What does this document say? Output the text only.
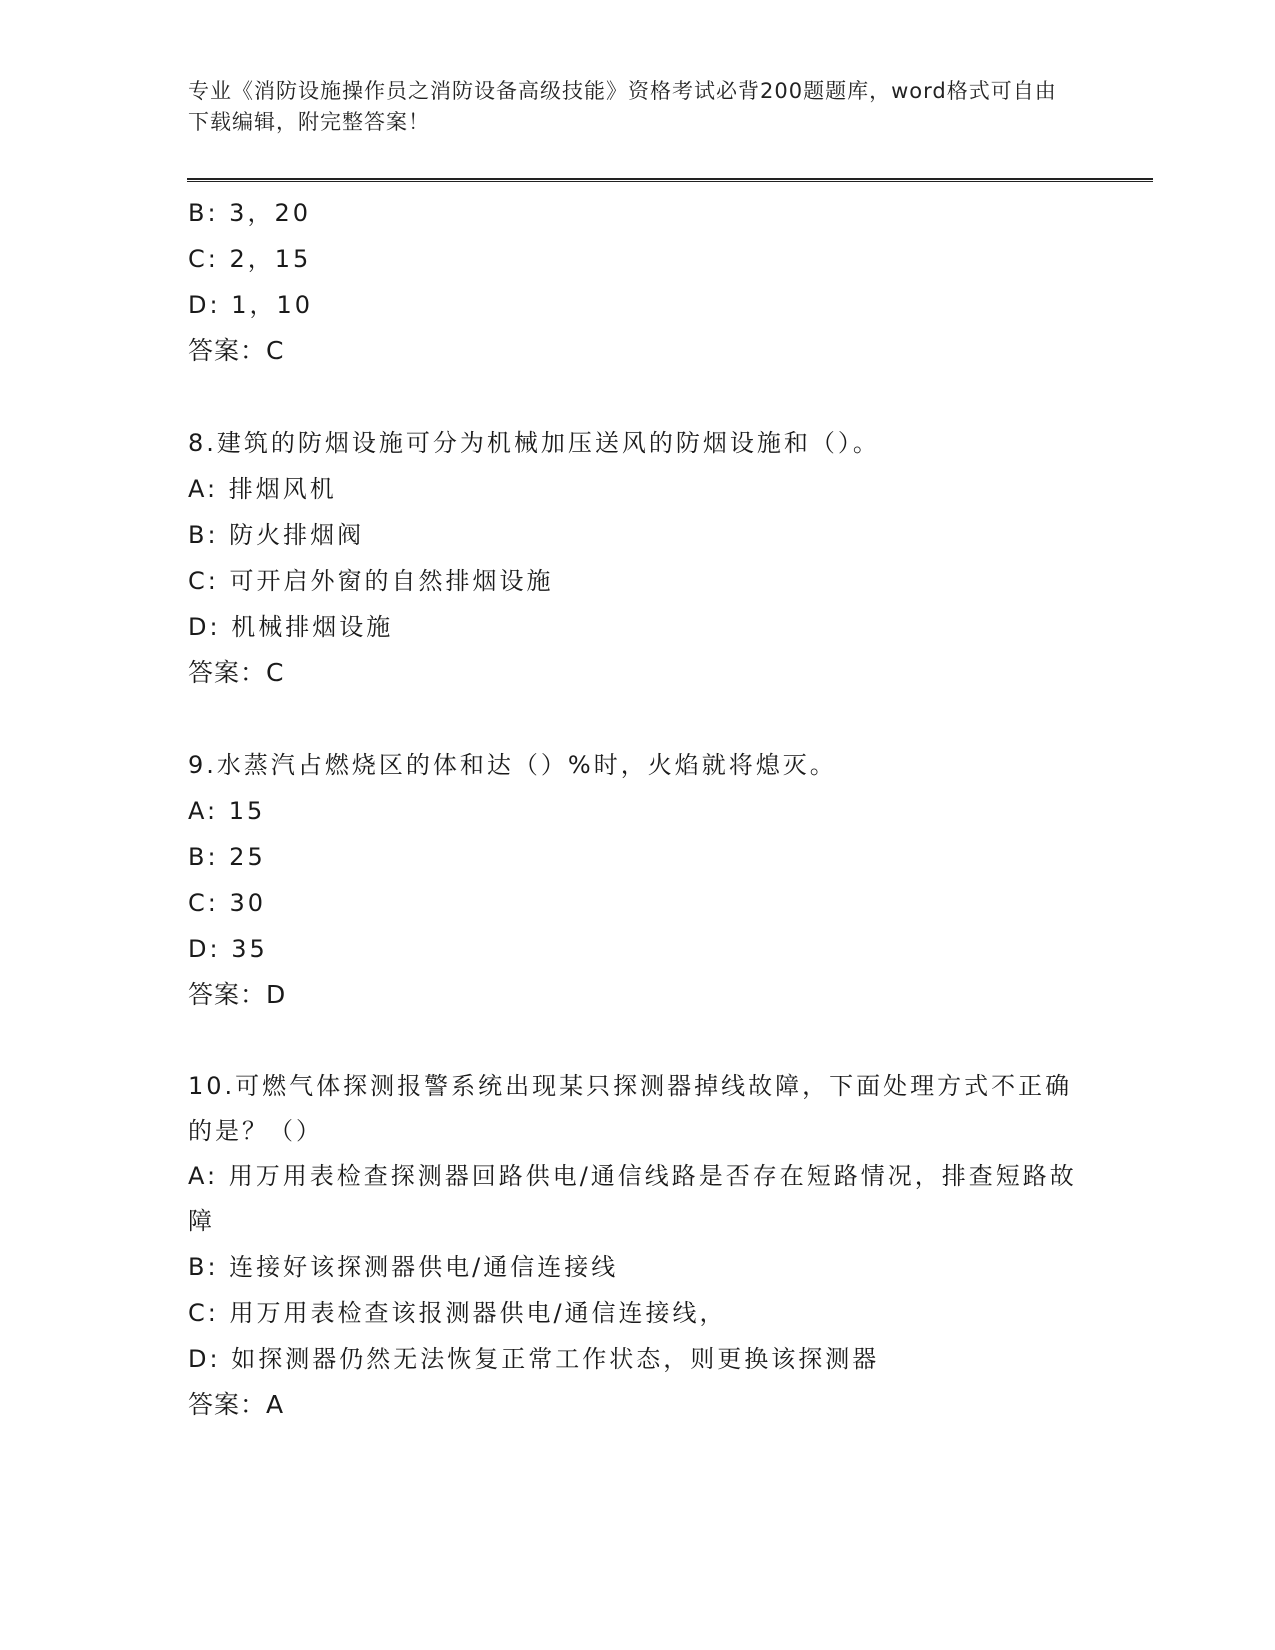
专业《消防设施操作员之消防设备高级技能》资格考试必背200题题库，word格式可自由下载编辑，附完整答案！
B: 3，20
C: 2，15
D: 1，10
答案：C
8.建筑的防烟设施可分为机械加压送风的防烟设施和（）。
A: 排烟风机
B: 防火排烟阀
C: 可开启外窗的自然排烟设施
D: 机械排烟设施
答案：C
9.水蒸汽占燃烧区的体和达（）%时，火焰就将熄灭。
A: 15
B: 25
C: 30
D: 35
答案：D
10.可燃气体探测报警系统出现某只探测器掉线故障，下面处理方式不正确的是？（）
A: 用万用表检查探测器回路供电/通信线路是否存在短路情况，排查短路故障
B: 连接好该探测器供电/通信连接线
C: 用万用表检查该报测器供电/通信连接线，
D: 如探测器仍然无法恢复正常工作状态，则更换该探测器
答案：A
